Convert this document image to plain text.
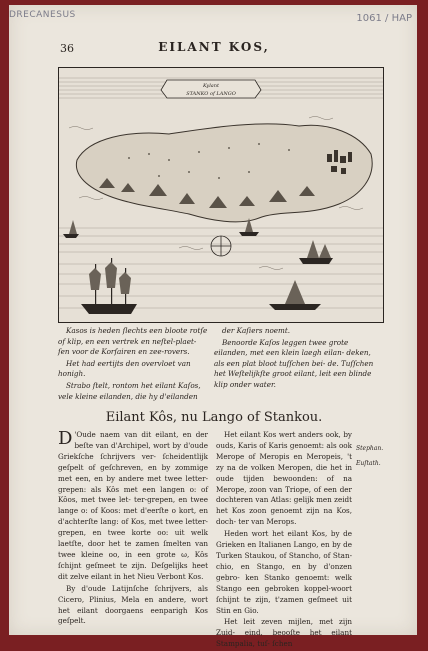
DRECANESUS	1061 / HAP
36	EILANT KOS,
Kylant
STANKO of LANGO

Kasos is heden ſlechts een bloote rotſe of klip, en een vertrek en neſtel-plaet- ſen voor de Korſairen en zee-rovers.

Het had eertijts den overvloet van honigh.

Strabo ſtelt, rontom het eilant Kaſos, vele kleine eilanden, die hy d'eilanden

der Kaſiers noemt.

Benoorde Kaſos leggen twee grote eilanden, met een klein laegh eilan- deken, als een plat bloot tuſſchen bei- de. Tuſſchen het Weſtelijkſte groot eilant, leit een blinde klip onder water.

Eilant Kôs, nu Lango of Stankou.

D 'Oude naem van dit eilant, en der beſte van d'Archipel, wort by d'oude Griekſche ſchrijvers ver- ſcheidentlijk geſpelt of geſchreven, en by zommige met een, en by andere met twee letter-grepen: als Kôs met een langen o: of Kôos, met twee let- ter-grepen, en twee lange o: of Koos: met d'eerſte o kort, en d'achterſte lang: of Kos, met twee letter-grepen, en twee korte oo: uit welk laetſte, door het te zamen ſmelten van twee kleine oo, in een grote ω, Kôs ſchijnt geſmeet te zijn. Deſgelijks heet dit zelve eilant in het Nieu Verbont Kos.

By d'oude Latijnſche ſchrijvers, als Cicero, Plinius, Mela en andere, wort het eilant doorgaens eenparigh Kos geſpelt.

Het eilant Kos wert anders ook, by ouds, Karis of Karis genoemt: als ook Merope of Meropis en Meropeis, 't zy na de volken Meropen, die het in oude tijden bewoonden: of na Merope, zoon van Triope, of een der dochteren van Atlas: gelijk men zeidt het Kos zoon genoemt zijn na Kos, doch- ter van Merops.

Heden wort het eilant Kos, by de Grieken en Italianen Lango, en by de Turken Staukou, of Stancho, of Stan- chio, en Stango, en by d'onzen gebro- ken Stanko genoemt: welk Stango een gebroken koppel-woort ſchijnt te zijn, t'zamen geſmeet uit Stin en Gio.

Het leit zeven mijlen, met zijn Zuid- eind, beooſte het eilant Stampalia, tuſ- ſchen

Stephan.
Euſtath.
